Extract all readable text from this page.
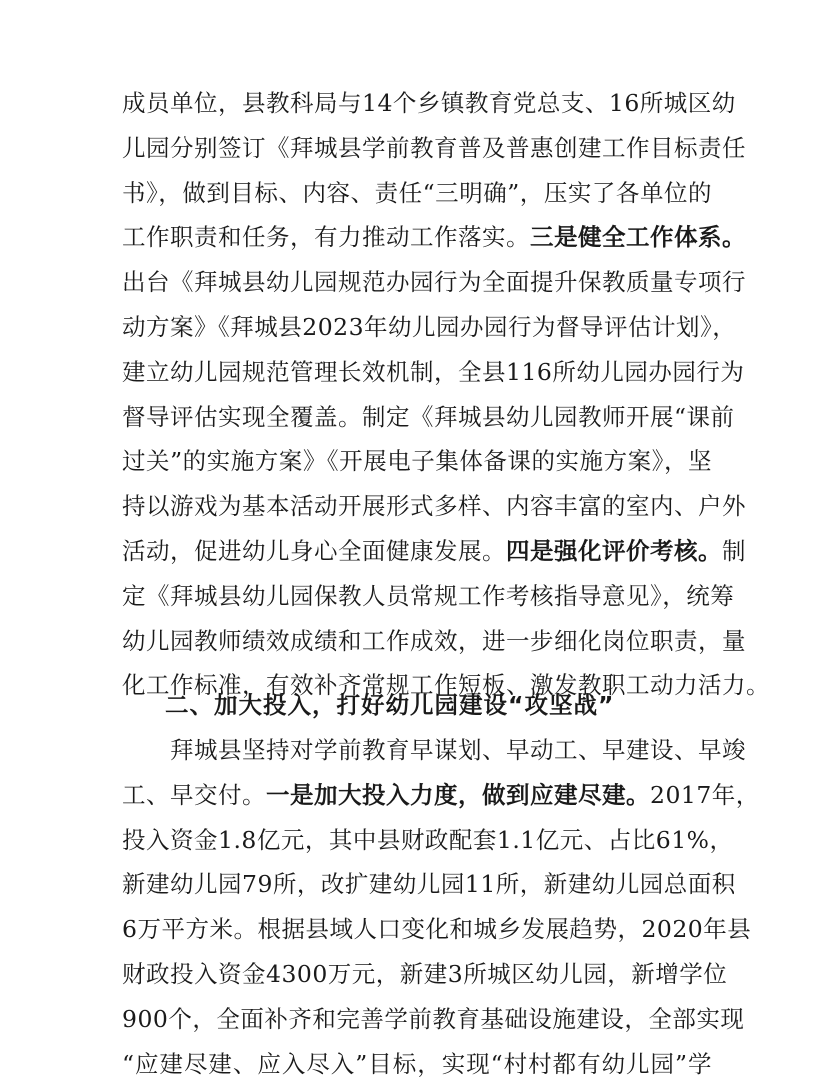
二、加大投入，打好幼儿园建设“攻坚战”
成员单位，县教科局与14个乡镇教育党总支、16所城区幼
儿园分别签订《拜城县学前教育普及普惠创建工作目标责任
书》，做到目标、内容、责任“三明确”，压实了各单位的
工作职责和任务，有力推动工作落实。三是健全工作体系。
出台《拜城县幼儿园规范办园行为全面提升保教质量专项行
动方案》《拜城县2023年幼儿园办园行为督导评估计划》，
建立幼儿园规范管理长效机制，全县116所幼儿园办园行为
督导评估实现全覆盖。制定《拜城县幼儿园教师开展“课前
过关”的实施方案》《开展电子集体备课的实施方案》，坚
持以游戏为基本活动开展形式多样、内容丰富的室内、户外
活动，促进幼儿身心全面健康发展。四是强化评价考核。制
定《拜城县幼儿园保教人员常规工作考核指导意见》，统筹
幼儿园教师绩效成绩和工作成效，进一步细化岗位职责，量
化工作标准，有效补齐常规工作短板、激发教职工动力活力。
拜城县坚持对学前教育早谋划、早动工、早建设、早竣
工、早交付。一是加大投入力度，做到应建尽建。2017年，
投入资金1.8亿元，其中县财政配套1.1亿元、占比61%，
新建幼儿园79所，改扩建幼儿园11所，新建幼儿园总面积
6万平方米。根据县域人口变化和城乡发展趋势，2020年县
财政投入资金4300万元，新建3所城区幼儿园，新增学位
900个，全面补齐和完善学前教育基础设施建设，全部实现
“应建尽建、应入尽入”目标，实现“村村都有幼儿园”学
